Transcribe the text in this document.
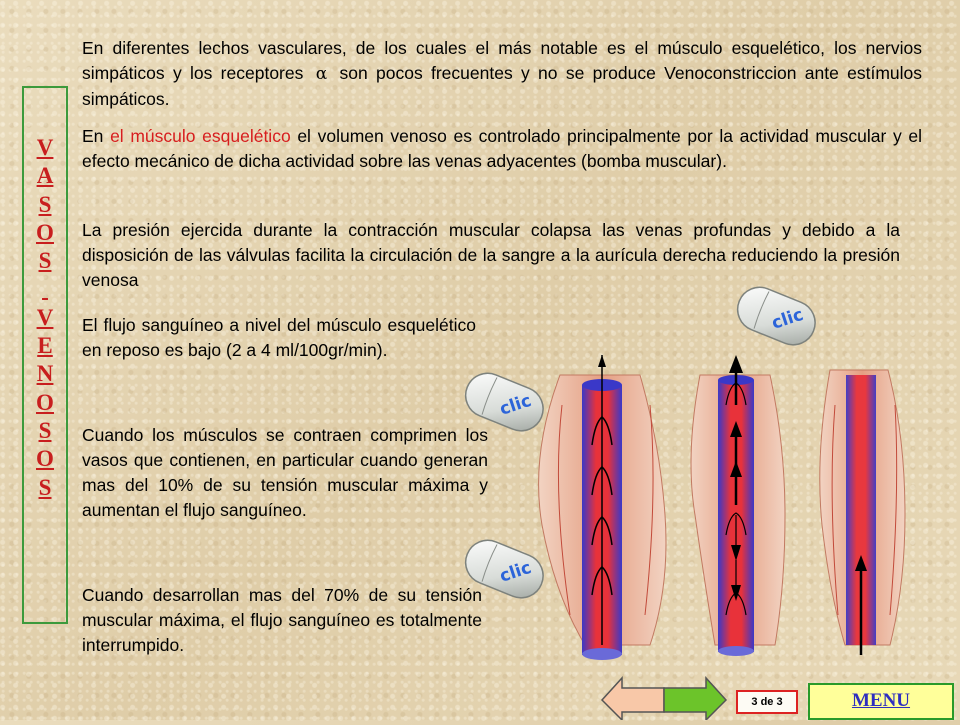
V
A
S
O
S

V
E
N
O
S
O
S
En diferentes lechos vasculares, de los cuales el más notable es el músculo esquelético, los nervios simpáticos y los receptores α son pocos frecuentes y no se produce Venoconstriccion ante estímulos simpáticos.
En el músculo esquelético el volumen venoso es controlado principalmente por la actividad muscular y el efecto mecánico de dicha actividad sobre las venas adyacentes (bomba muscular).
La presión ejercida durante la contracción muscular colapsa las venas profundas y debido a la disposición de las válvulas facilita la circulación de la sangre a la aurícula derecha reduciendo la presión venosa
El flujo sanguíneo a nivel del músculo esquelético en reposo es bajo (2 a 4 ml/100gr/min).
Cuando los músculos se contraen comprimen los vasos que contienen, en particular cuando generan mas del 10% de su tensión muscular máxima y aumentan el flujo sanguíneo.
Cuando desarrollan mas del 70% de su tensión muscular máxima, el flujo sanguíneo es totalmente interrumpido.
clic
clic
clic
3 de 3	MENU
